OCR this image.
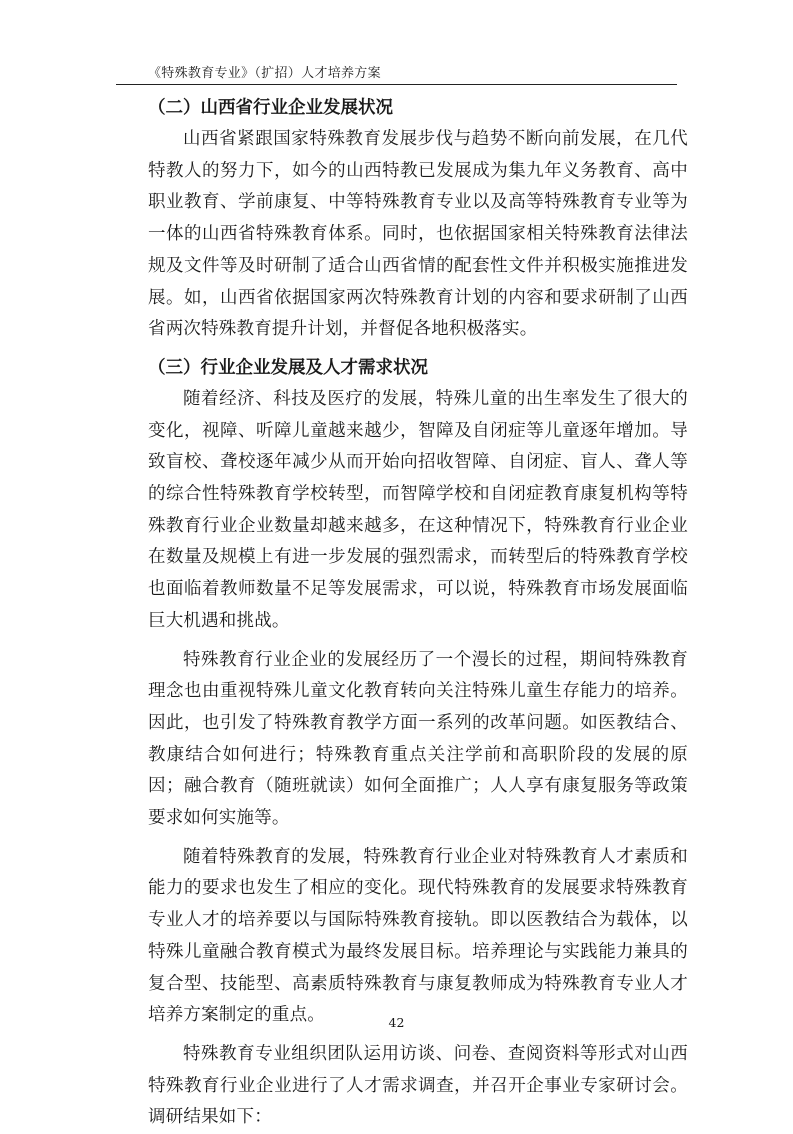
《特殊教育专业》（扩招）人才培养方案

（二）山西省行业企业发展状况

山西省紧跟国家特殊教育发展步伐与趋势不断向前发展，在几代特教人的努力下，如今的山西特教已发展成为集九年义务教育、高中职业教育、学前康复、中等特殊教育专业以及高等特殊教育专业等为一体的山西省特殊教育体系。同时，也依据国家相关特殊教育法律法规及文件等及时研制了适合山西省情的配套性文件并积极实施推进发展。如，山西省依据国家两次特殊教育计划的内容和要求研制了山西省两次特殊教育提升计划，并督促各地积极落实。

（三）行业企业发展及人才需求状况

随着经济、科技及医疗的发展，特殊儿童的出生率发生了很大的变化，视障、听障儿童越来越少，智障及自闭症等儿童逐年增加。导致盲校、聋校逐年减少从而开始向招收智障、自闭症、盲人、聋人等的综合性特殊教育学校转型，而智障学校和自闭症教育康复机构等特殊教育行业企业数量却越来越多，在这种情况下，特殊教育行业企业在数量及规模上有进一步发展的强烈需求，而转型后的特殊教育学校也面临着教师数量不足等发展需求，可以说，特殊教育市场发展面临巨大机遇和挑战。

特殊教育行业企业的发展经历了一个漫长的过程，期间特殊教育理念也由重视特殊儿童文化教育转向关注特殊儿童生存能力的培养。因此，也引发了特殊教育教学方面一系列的改革问题。如医教结合、教康结合如何进行；特殊教育重点关注学前和高职阶段的发展的原因；融合教育（随班就读）如何全面推广；人人享有康复服务等政策要求如何实施等。

随着特殊教育的发展，特殊教育行业企业对特殊教育人才素质和能力的要求也发生了相应的变化。现代特殊教育的发展要求特殊教育专业人才的培养要以与国际特殊教育接轨。即以医教结合为载体，以特殊儿童融合教育模式为最终发展目标。培养理论与实践能力兼具的复合型、技能型、高素质特殊教育与康复教师成为特殊教育专业人才培养方案制定的重点。

特殊教育专业组织团队运用访谈、问卷、查阅资料等形式对山西特殊教育行业企业进行了人才需求调查，并召开企事业专家研讨会。调研结果如下：

42
